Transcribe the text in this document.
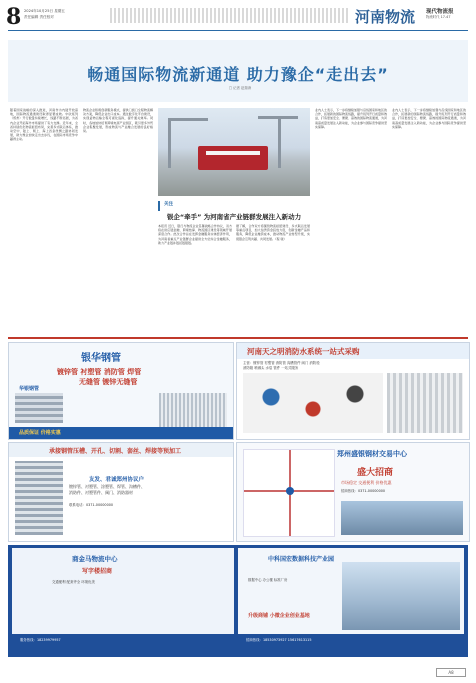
8 2024年10月25日 星期五
责任编辑 责任校对	河南物流 现代物流报
物流时代 17-47
畅通国际物流新通道 助力豫企“走出去”
□ 记者 赵瑞涛
随着国家战略的深入推进，河南作为内陆开放高地，国际物流通道建设取得显著成效。中欧班列（郑州）开行数量持续增长，线路不断拓展，为省内企业开拓海外市场提供了有力支撑。近年来，全省持续优化物流枢纽布局，完善多式联运体系，推动空中、陆上、网上、海上四条丝绸之路协同发展，助力豫企加快走出去步伐，在国际市场竞争中赢得主动。
物流企业积极创新服务模式，提供门到门全程物流解决方案，降低企业出口成本。通过数字化平台建设，实现货物运输全程可视化追踪，提升通关效率。同时，各地加快培育跨境电商产业园区，吸引更多外贸企业集聚发展，形成物流与产业融合发展的良好格局。
业内人士表示，下一步将继续加强与沿线国家和地区的合作，拓展新的国际物流线路，提升班列开行质量和效益，打造更加安全、便捷、高效的国际物流通道，为河南高质量发展注入新动能，为企业参与国际竞争提供坚实保障。
业内人士表示，下一步将继续加强与沿线国家和地区的合作，拓展新的国际物流线路，提升班列开行质量和效益，打造更加安全、便捷、高效的国际物流通道，为河南高质量发展注入新动能，为企业参与国际竞争提供坚实保障。
关注
银企“牵手” 为河南省产业链群发展注入新动力
本报讯 近日，银行与物流企业签署战略合作协议，双方将在供应链金融、跨境结算、物流园区建设等领域开展深度合作。此次合作旨在发挥金融服务实体经济作用，为河南省重点产业链群企业提供全方位综合金融服务，助力产业链补链延链强链。
据了解，合作双方将围绕物流枢纽建设、多式联运发展等重点项目，加大信贷资金投放力度，创新金融产品和服务，降低企业融资成本，推动物流产业转型升级，实现银企互利共赢、共同发展。（程 驰）
银华钢管
镀锌管 衬塑管 消防管 焊管
无缝管 镀锌无缝管
华银钢管
品质保证 价格实惠
河南天之明消防水系统一站式采购
主营：镀锌管 衬塑管 消防管 沟槽管件 阀门 消防栓
消防箱 喷淋头 水泵 管件 一站式服务
承接钢管压槽、开孔、切割、套丝、焊接等预加工
友发、君诚郑州协议户
镀锌管、衬塑管、涂塑管、焊管、沟槽件、
消防件、衬塑管件、阀门、消防器材
联系电话：0371-00000000
郑州盛银钢材交易中心
盛大招商
市场稳定 交通便利 价格优惠
招商热线：0371-00000000
商金马物流中心
写字楼招商
交通便利 配套齐全 环境优美
服务热线：18239979957
中科国宏数据科技产业园
数据中心 办公楼 标准厂房
升级商铺 小微企业创业基地
招商热线：18530973927 15617613115
A8
